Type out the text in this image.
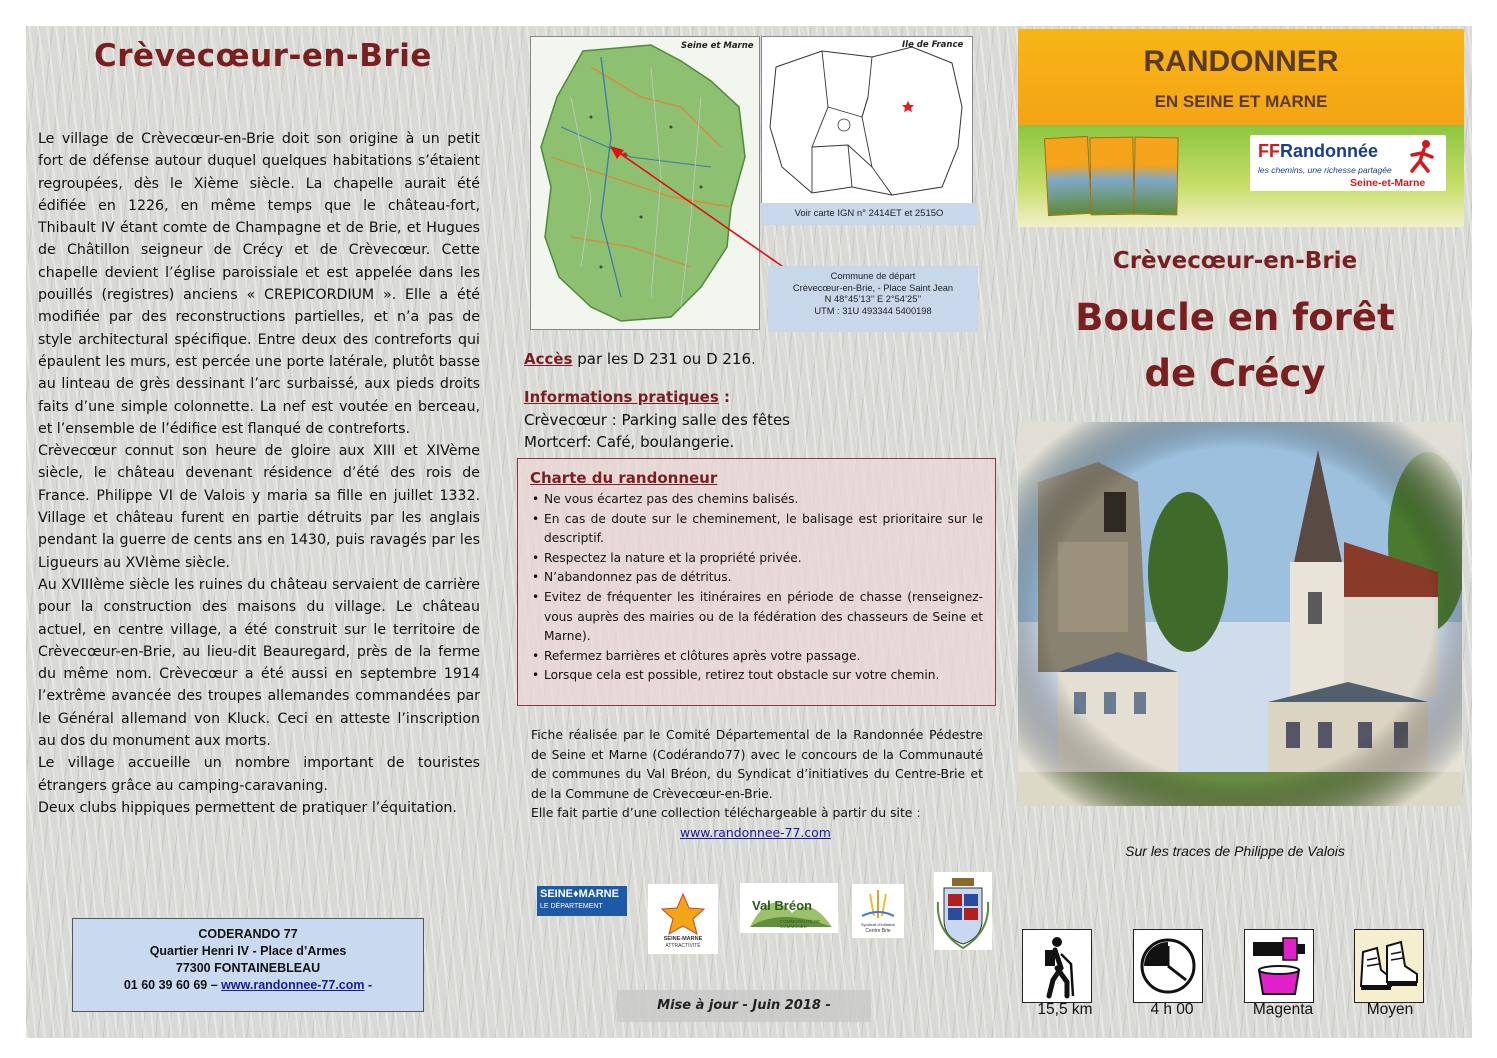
Crèvecœur-en-Brie

Le village de Crèvecœur-en-Brie doit son origine à un petit fort de défense autour duquel quelques habitations s’étaient regroupées, dès le Xième siècle. La chapelle aurait été édifiée en 1226, en même temps que le château-fort, Thibault IV étant comte de Champagne et de Brie, et Hugues de Châtillon seigneur de Crécy et de Crèvecœur. Cette chapelle devient l’église paroissiale et est appelée dans les pouillés (registres) anciens « CREPICORDIUM ». Elle a été modifiée par des reconstructions partielles, et n’a pas de style architectural spécifique. Entre deux des contreforts qui épaulent les murs, est percée une porte latérale, plutôt basse au linteau de grès dessinant l’arc surbaissé, aux pieds droits faits d’une simple colonnette. La nef est voutée en berceau, et l’ensemble de l’édifice est flanqué de contreforts.

Crèvecœur connut son heure de gloire aux XIII et XIVème siècle, le château devenant résidence d’été des rois de France. Philippe VI de Valois y maria sa fille en juillet 1332. Village et château furent en partie détruits par les anglais pendant la guerre de cents ans en 1430, puis ravagés par les Ligueurs au XVIème siècle.

Au XVIIIème siècle les ruines du château servaient de carrière pour la construction des maisons du village. Le château actuel, en centre village, a été construit sur le territoire de Crèvecœur-en-Brie, au lieu-dit Beauregard, près de la ferme du même nom. Crèvecœur a été aussi en septembre 1914 l’extrême avancée des troupes allemandes commandées par le Général allemand von Kluck. Ceci en atteste l’inscription au dos du monument aux morts.

Le village accueille un nombre important de touristes étrangers grâce au camping-caravaning.

Deux clubs hippiques permettent de pratiquer l’équitation.

CODERANDO 77
Quartier Henri IV - Place d’Armes
77300 FONTAINEBLEAU
01 60 39 60 69 – www.randonnee-77.com -
Seine et Marne	Ile de France
Voir carte IGN n° 2414ET et 2515O
Commune de départ
Crèvecœur-en-Brie, - Place Saint Jean
N 48°45’13’’ E 2°54’25’’
UTM : 31U 493344 5400198
Accès par les D 231 ou D 216.
Informations pratiques :
Crèvecœur : Parking salle des fêtes
Mortcerf: Café, boulangerie.
Charte du randonneur
• Ne vous écartez pas des chemins balisés.
• En cas de doute sur le cheminement, le balisage est prioritaire sur le descriptif.
• Respectez la nature et la propriété privée.
• N’abandonnez pas de détritus.
• Evitez de fréquenter les itinéraires en période de chasse (renseignez-vous auprès des mairies ou de la fédération des chasseurs de Seine et Marne).
• Refermez barrières et clôtures après votre passage.
• Lorsque cela est possible, retirez tout obstacle sur votre chemin.
Fiche réalisée par le Comité Départemental de la Randonnée Pédestre de Seine et Marne (Codérando77) avec le concours de la Communauté de communes du Val Bréon, du Syndicat d’initiatives du Centre-Brie et de la Commune de Crèvecœur-en-Brie.
Elle fait partie d’une collection téléchargeable à partir du site :
www.randonnee-77.com
SEINE♦MARNE
LE DÉPARTEMENT
SEINE-MARNE
ATTRACTIVITÉ
Val Bréon
COMMUNAUTÉ DE COMMUNES	Syndicat d’Initiative
Centre Brie
Mise à jour - Juin 2018 -
RANDONNER
EN SEINE ET MARNE
FFRandonnée
les chemins, une richesse partagée
Seine-et-Marne
Crèvecœur-en-Brie
Boucle en forêt
de Crécy
Sur les traces de Philippe de Valois
15,5 km	4 h 00	Magenta	Moyen
